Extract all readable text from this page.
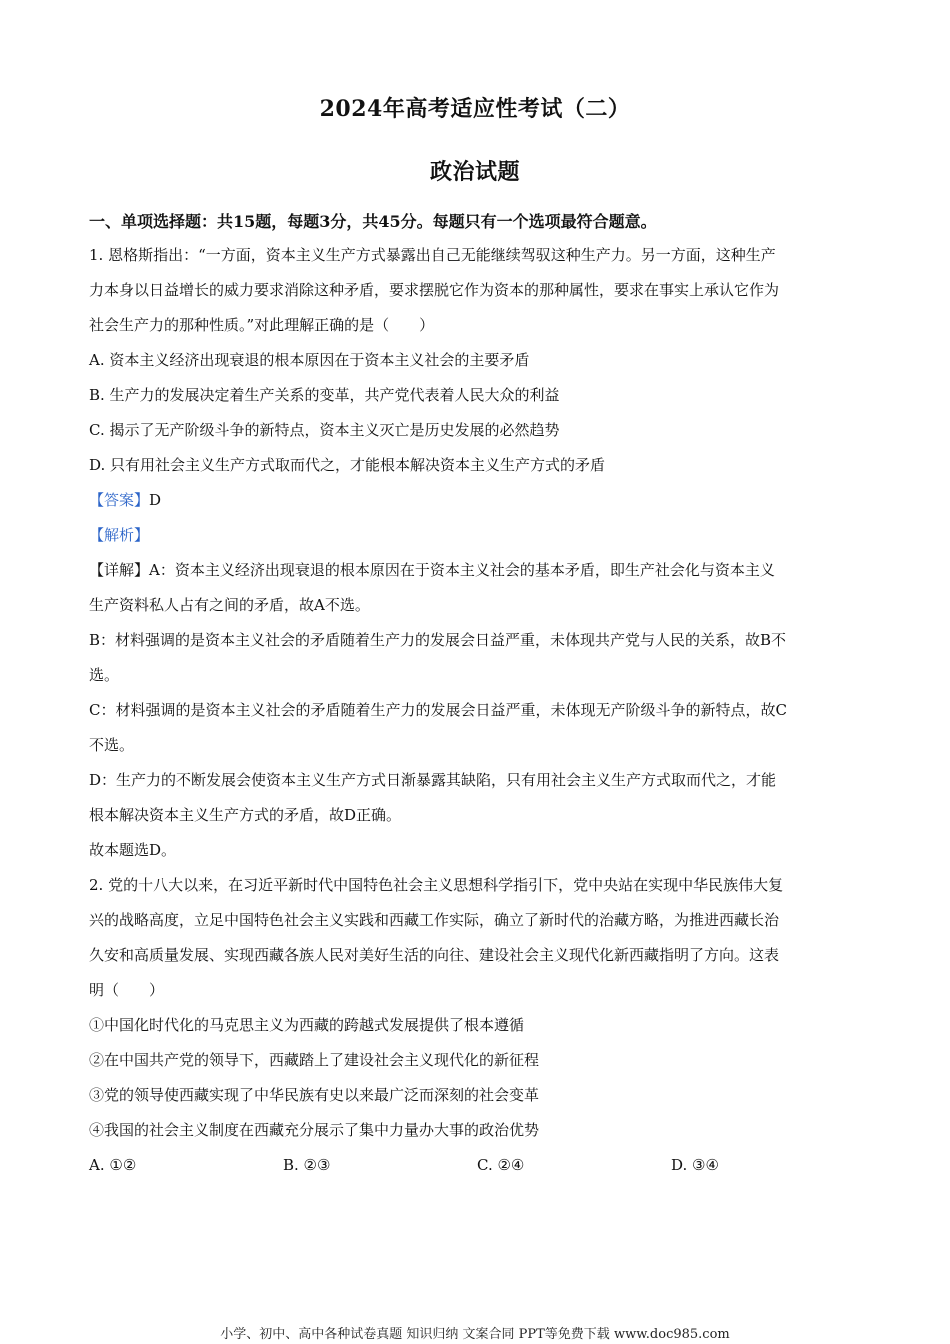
2024年高考适应性考试（二）
政治试题
一、单项选择题：共15题，每题3分，共45分。每题只有一个选项最符合题意。

1. 恩格斯指出：“一方面，资本主义生产方式暴露出自己无能继续驾驭这种生产力。另一方面，这种生产

力本身以日益增长的威力要求消除这种矛盾，要求摆脱它作为资本的那种属性，要求在事实上承认它作为

社会生产力的那种性质。”对此理解正确的是（　　）

A. 资本主义经济出现衰退的根本原因在于资本主义社会的主要矛盾

B. 生产力的发展决定着生产关系的变革，共产党代表着人民大众的利益

C. 揭示了无产阶级斗争的新特点，资本主义灭亡是历史发展的必然趋势

D. 只有用社会主义生产方式取而代之，才能根本解决资本主义生产方式的矛盾

【答案】D

【解析】

【详解】A：资本主义经济出现衰退的根本原因在于资本主义社会的基本矛盾，即生产社会化与资本主义

生产资料私人占有之间的矛盾，故A不选。

B：材料强调的是资本主义社会的矛盾随着生产力的发展会日益严重，未体现共产党与人民的关系，故B不

选。

C：材料强调的是资本主义社会的矛盾随着生产力的发展会日益严重，未体现无产阶级斗争的新特点，故C

不选。

D：生产力的不断发展会使资本主义生产方式日渐暴露其缺陷，只有用社会主义生产方式取而代之，才能

根本解决资本主义生产方式的矛盾，故D正确。

故本题选D。

2. 党的十八大以来，在习近平新时代中国特色社会主义思想科学指引下，党中央站在实现中华民族伟大复

兴的战略高度，立足中国特色社会主义实践和西藏工作实际，确立了新时代的治藏方略，为推进西藏长治

久安和高质量发展、实现西藏各族人民对美好生活的向往、建设社会主义现代化新西藏指明了方向。这表

明（　　）

①中国化时代化的马克思主义为西藏的跨越式发展提供了根本遵循

②在中国共产党的领导下，西藏踏上了建设社会主义现代化的新征程

③党的领导使西藏实现了中华民族有史以来最广泛而深刻的社会变革

④我国的社会主义制度在西藏充分展示了集中力量办大事的政治优势

A. ①②	B. ②③	C. ②④	D. ③④
小学、初中、高中各种试卷真题 知识归纳 文案合同 PPT等免费下载 www.doc985.com
